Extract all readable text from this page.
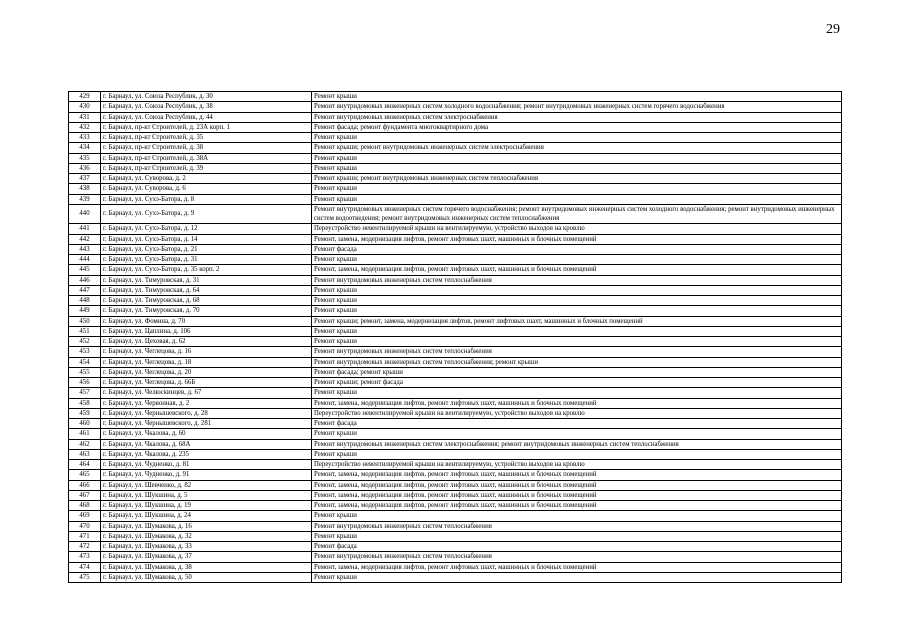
29
429	г. Барнаул, ул. Союза Республик, д. 30	Ремонт крыши
430	г. Барнаул, ул. Союза Республик, д. 38	Ремонт внутридомовых инженерных систем холодного водоснабжения; ремонт внутридомовых инженерных систем горячего водоснабжения
431	г. Барнаул, ул. Союза Республик, д. 44	Ремонт внутридомовых инженерных систем электроснабжения
432	г. Барнаул, пр-кт Строителей, д. 23А корп. 1	Ремонт фасада; ремонт фундамента многоквартирного дома
433	г. Барнаул, пр-кт Строителей, д. 35	Ремонт крыши
434	г. Барнаул, пр-кт Строителей, д. 38	Ремонт крыши; ремонт внутридомовых инженерных систем электроснабжения
435	г. Барнаул, пр-кт Строителей, д. 38А	Ремонт крыши
436	г. Барнаул, пр-кт Строителей, д. 39	Ремонт крыши
437	г. Барнаул, ул. Суворова, д. 2	Ремонт крыши; ремонт внутридомовых инженерных систем теплоснабжения
438	г. Барнаул, ул. Суворова, д. 6	Ремонт крыши
439	г. Барнаул, ул. Сухэ-Батора, д. 8	Ремонт крыши
440	г. Барнаул, ул. Сухэ-Батора, д. 9	Ремонт внутридомовых инженерных систем горячего водоснабжения; ремонт внутридомовых инженерных систем холодного водоснабжения; ремонт внутридомовых инженерных систем водоотведения; ремонт внутридомовых инженерных систем теплоснабжения
441	г. Барнаул, ул. Сухэ-Батора, д. 12	Переустройство невентилируемой крыши на вентилируемую, устройство выходов на кровлю
442	г. Барнаул, ул. Сухэ-Батора, д. 14	Ремонт, замена, модернизация лифтов, ремонт лифтовых шахт, машинных и блочных помещений
443	г. Барнаул, ул. Сухэ-Батора, д. 21	Ремонт фасада
444	г. Барнаул, ул. Сухэ-Батора, д. 31	Ремонт крыши
445	г. Барнаул, ул. Сухэ-Батора, д. 35 корп. 2	Ремонт, замена, модернизация лифтов, ремонт лифтовых шахт, машинных и блочных помещений
446	г. Барнаул, ул. Тимуровская, д. 31	Ремонт внутридомовых инженерных систем теплоснабжения
447	г. Барнаул, ул. Тимуровская, д. 64	Ремонт крыши
448	г. Барнаул, ул. Тимуровская, д. 68	Ремонт крыши
449	г. Барнаул, ул. Тимуровская, д. 70	Ремонт крыши
450	г. Барнаул, ул. Фомина, д. 70	Ремонт крыши; ремонт, замена, модернизация лифтов, ремонт лифтовых шахт, машинных и блочных помещений
451	г. Барнаул, ул. Цаплина, д. 106	Ремонт крыши
452	г. Барнаул, ул. Цеховая, д. 62	Ремонт крыши
453	г. Барнаул, ул. Чеглецова, д. 16	Ремонт внутридомовых инженерных систем теплоснабжения
454	г. Барнаул, ул. Чеглецова, д. 18	Ремонт внутридомовых инженерных систем теплоснабжения; ремонт крыши
455	г. Барнаул, ул. Чеглецова, д. 20	Ремонт фасада; ремонт крыши
456	г. Барнаул, ул. Чеглецова, д. 66Б	Ремонт крыши; ремонт фасада
457	г. Барнаул, ул. Челюскинцев, д. 67	Ремонт крыши
458	г. Барнаул, ул. Червонная, д. 2	Ремонт, замена, модернизация лифтов, ремонт лифтовых шахт, машинных и блочных помещений
459	г. Барнаул, ул. Чернышевского, д. 28	Переустройство невентилируемой крыши на вентилируемую, устройство выходов на кровлю
460	г. Барнаул, ул. Чернышевского, д. 281	Ремонт фасада
461	г. Барнаул, ул. Чкалова, д. 60	Ремонт крыши
462	г. Барнаул, ул. Чкалова, д. 68А	Ремонт внутридомовых инженерных систем электроснабжения; ремонт внутридомовых инженерных систем теплоснабжения
463	г. Барнаул, ул. Чкалова, д. 235	Ремонт крыши
464	г. Барнаул, ул. Чудненко, д. 81	Переустройство невентилируемой крыши на вентилируемую, устройство выходов на кровлю
465	г. Барнаул, ул. Чудненко, д. 91	Ремонт, замена, модернизация лифтов, ремонт лифтовых шахт, машинных и блочных помещений
466	г. Барнаул, ул. Шевченко, д. 82	Ремонт, замена, модернизация лифтов, ремонт лифтовых шахт, машинных и блочных помещений
467	г. Барнаул, ул. Шукшина, д. 5	Ремонт, замена, модернизация лифтов, ремонт лифтовых шахт, машинных и блочных помещений
468	г. Барнаул, ул. Шукшина, д. 19	Ремонт, замена, модернизация лифтов, ремонт лифтовых шахт, машинных и блочных помещений
469	г. Барнаул, ул. Шукшина, д. 24	Ремонт крыши
470	г. Барнаул, ул. Шумакова, д. 16	Ремонт внутридомовых инженерных систем теплоснабжения
471	г. Барнаул, ул. Шумакова, д. 32	Ремонт крыши
472	г. Барнаул, ул. Шумакова, д. 33	Ремонт фасада
473	г. Барнаул, ул. Шумакова, д. 37	Ремонт внутридомовых инженерных систем теплоснабжения
474	г. Барнаул, ул. Шумакова, д. 38	Ремонт, замена, модернизация лифтов, ремонт лифтовых шахт, машинных и блочных помещений
475	г. Барнаул, ул. Шумакова, д. 50	Ремонт крыши
